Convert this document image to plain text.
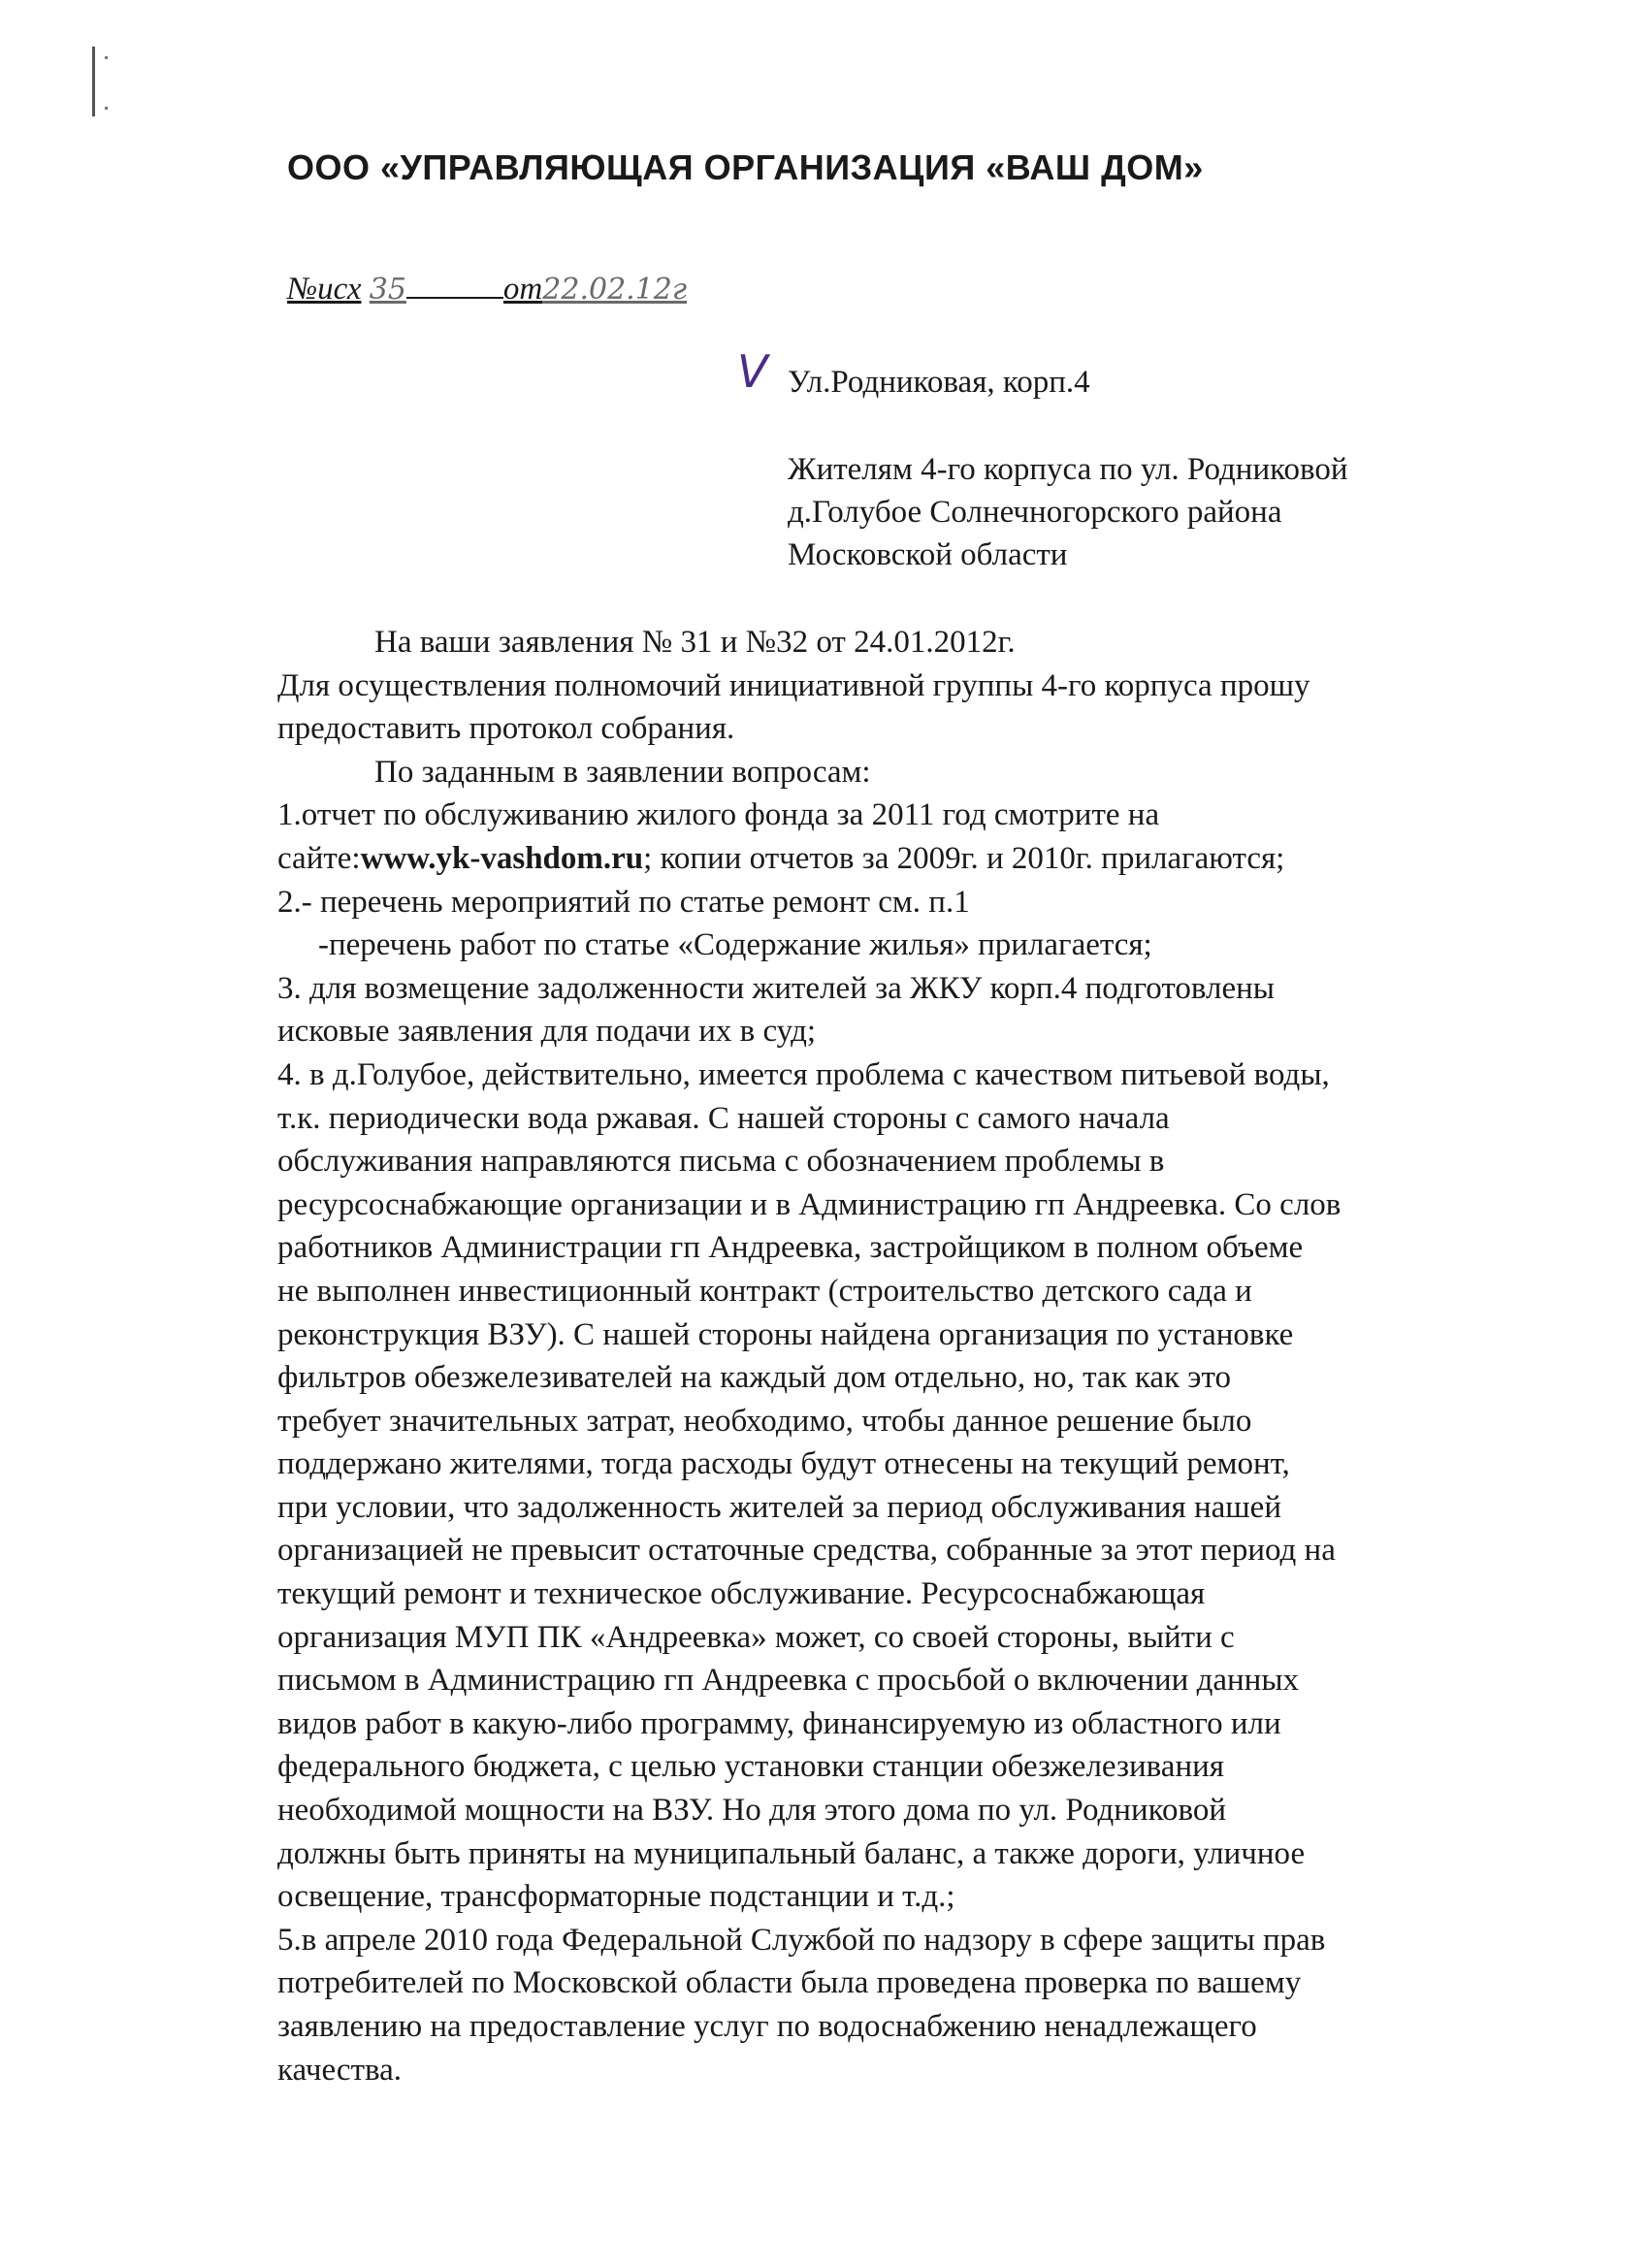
ООО «УПРАВЛЯЮЩАЯ ОРГАНИЗАЦИЯ «ВАШ ДОМ»
№исх 35	от22.02.12г
V Ул.Родниковая, корп.4
Жителям 4-го корпуса по ул. Родниковой
д.Голубое Солнечногорского района
Московской области

На ваши заявления № 31 и №32 от 24.01.2012г.

Для осуществления полномочий инициативной группы 4-го корпуса прошу

предоставить протокол собрания.

По заданным в заявлении вопросам:

1.отчет по обслуживанию жилого фонда за 2011 год смотрите на

сайте:www.yk-vashdom.ru; копии отчетов за 2009г. и 2010г. прилагаются;

2.- перечень мероприятий по статье ремонт см. п.1

-перечень работ по статье «Содержание жилья» прилагается;

3. для возмещение задолженности жителей за ЖКУ корп.4 подготовлены

исковые заявления для подачи их в суд;

4. в д.Голубое, действительно, имеется проблема с качеством питьевой воды,

т.к. периодически вода ржавая. С нашей стороны с самого начала

обслуживания направляются письма с обозначением проблемы в

ресурсоснабжающие организации и в Администрацию гп Андреевка. Со слов

работников Администрации гп Андреевка, застройщиком в полном объеме

не выполнен инвестиционный контракт (строительство детского сада и

реконструкция ВЗУ). С нашей стороны найдена организация по установке

фильтров обезжелезивателей на каждый дом отдельно, но, так как это

требует значительных затрат, необходимо, чтобы данное решение было

поддержано жителями, тогда расходы будут отнесены на текущий ремонт,

при условии, что задолженность жителей за период обслуживания нашей

организацией не превысит остаточные средства, собранные за этот период на

текущий ремонт и техническое обслуживание. Ресурсоснабжающая

организация МУП ПК «Андреевка» может, со своей стороны, выйти с

письмом в Администрацию гп Андреевка с просьбой о включении данных

видов работ в какую-либо программу, финансируемую из областного или

федерального бюджета, с целью установки станции обезжелезивания

необходимой мощности на ВЗУ. Но для этого дома по ул. Родниковой

должны быть приняты на муниципальный баланс, а также дороги, уличное

освещение, трансформаторные подстанции и т.д.;

5.в апреле 2010 года Федеральной Службой по надзору в сфере защиты прав

потребителей по Московской области была проведена проверка по вашему

заявлению на предоставление услуг по водоснабжению ненадлежащего

качества.
